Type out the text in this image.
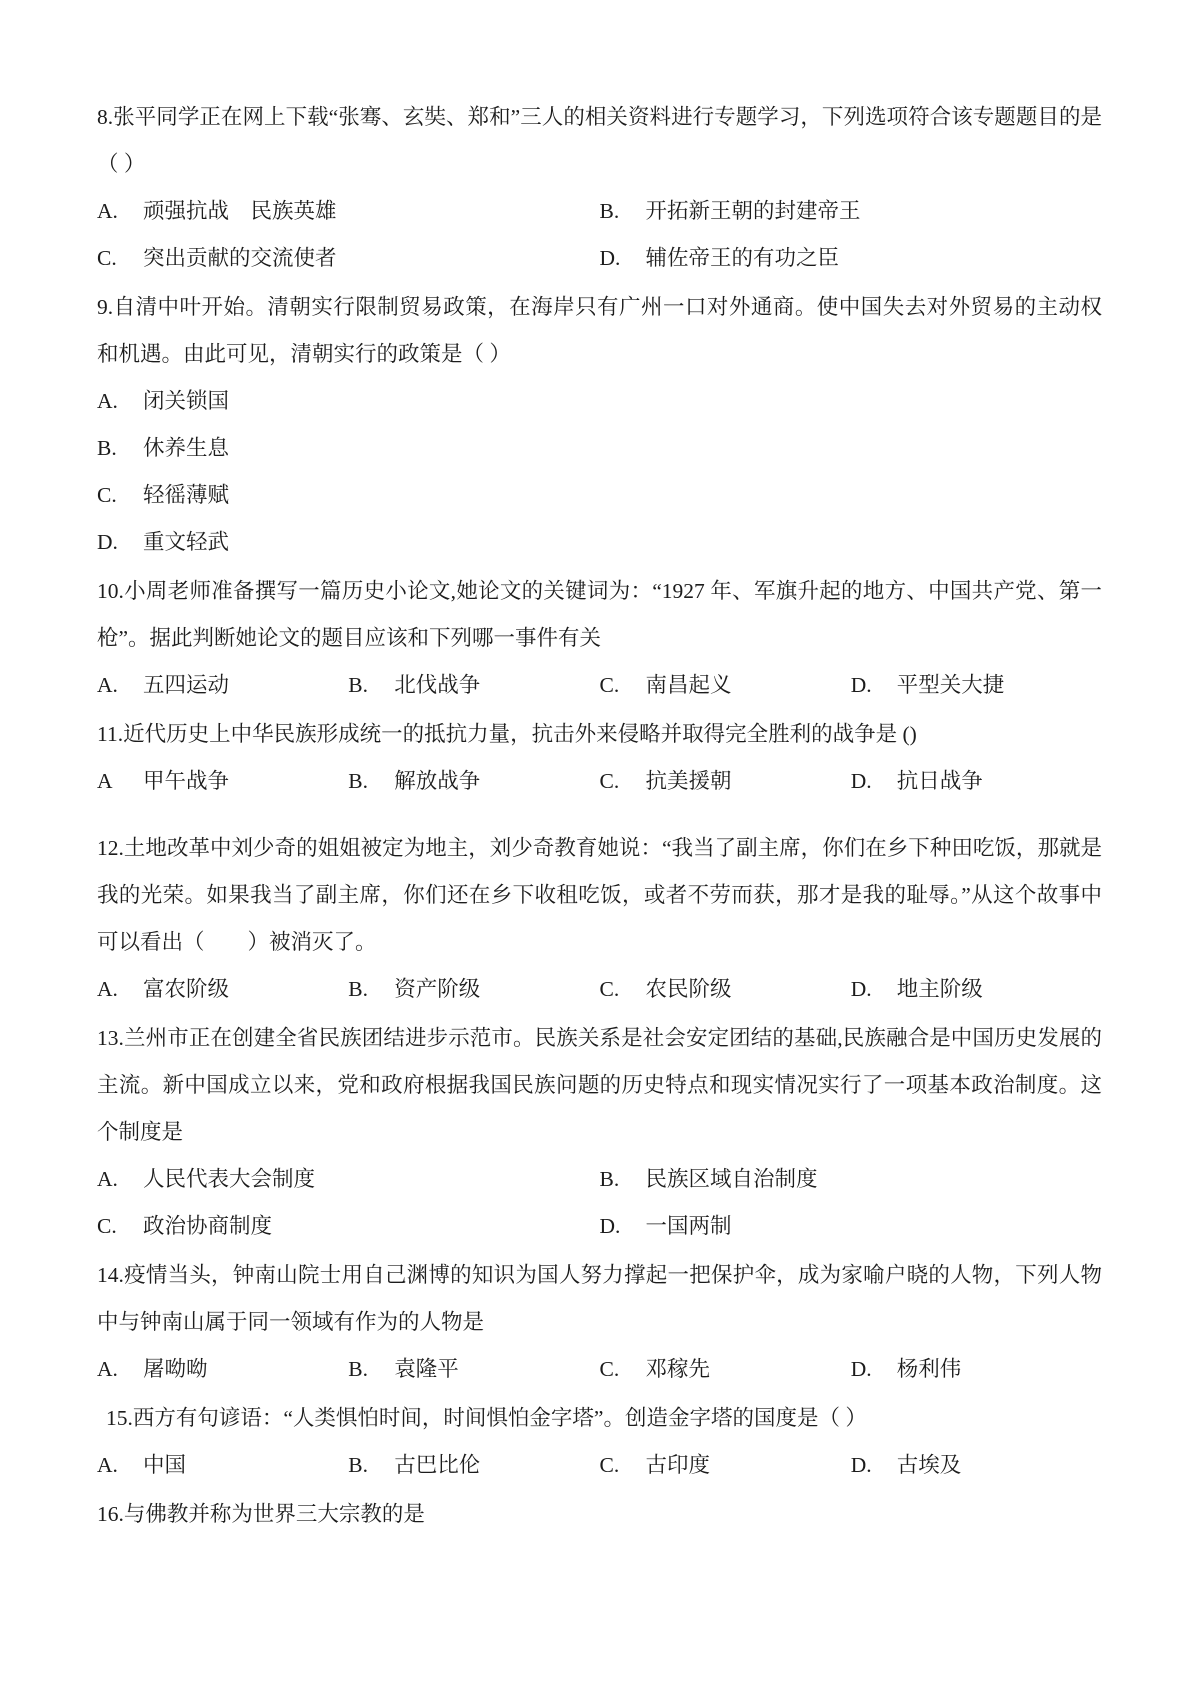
8.张平同学正在网上下载“张骞、玄奘、郑和”三人的相关资料进行专题学习，下列选项符合该专题题目的是（ ）

A. 顽强抗战　民族英雄	B. 开拓新王朝的封建帝王
C. 突出贡献的交流使者	D. 辅佐帝王的有功之臣

9.自清中叶开始。清朝实行限制贸易政策，在海岸只有广州一口对外通商。使中国失去对外贸易的主动权和机遇。由此可见，清朝实行的政策是（ ）

A. 闭关锁国
B. 休养生息
C. 轻徭薄赋
D. 重文轻武

10.小周老师准备撰写一篇历史小论文,她论文的关键词为：“1927 年、军旗升起的地方、中国共产党、第一枪”。据此判断她论文的题目应该和下列哪一事件有关

A. 五四运动	B. 北伐战争	C. 南昌起义	D. 平型关大捷

11.近代历史上中华民族形成统一的抵抗力量，抗击外来侵略并取得完全胜利的战争是 ()

A 甲午战争	B. 解放战争	C. 抗美援朝	D. 抗日战争

12.土地改革中刘少奇的姐姐被定为地主，刘少奇教育她说：“我当了副主席，你们在乡下种田吃饭，那就是我的光荣。如果我当了副主席，你们还在乡下收租吃饭，或者不劳而获，那才是我的耻辱。”从这个故事中可以看出（　　）被消灭了。

A. 富农阶级	B. 资产阶级	C. 农民阶级	D. 地主阶级

13.兰州市正在创建全省民族团结进步示范市。民族关系是社会安定团结的基础,民族融合是中国历史发展的主流。新中国成立以来，党和政府根据我国民族问题的历史特点和现实情况实行了一项基本政治制度。这个制度是

A. 人民代表大会制度	B. 民族区域自治制度
C. 政治协商制度	D. 一国两制

14.疫情当头，钟南山院士用自己渊博的知识为国人努力撑起一把保护伞，成为家喻户晓的人物，下列人物中与钟南山属于同一领域有作为的人物是

A. 屠呦呦	B. 袁隆平	C. 邓稼先	D. 杨利伟

15.西方有句谚语：“人类惧怕时间，时间惧怕金字塔”。创造金字塔的国度是（ ）

A. 中国	B. 古巴比伦	C. 古印度	D. 古埃及

16.与佛教并称为世界三大宗教的是
